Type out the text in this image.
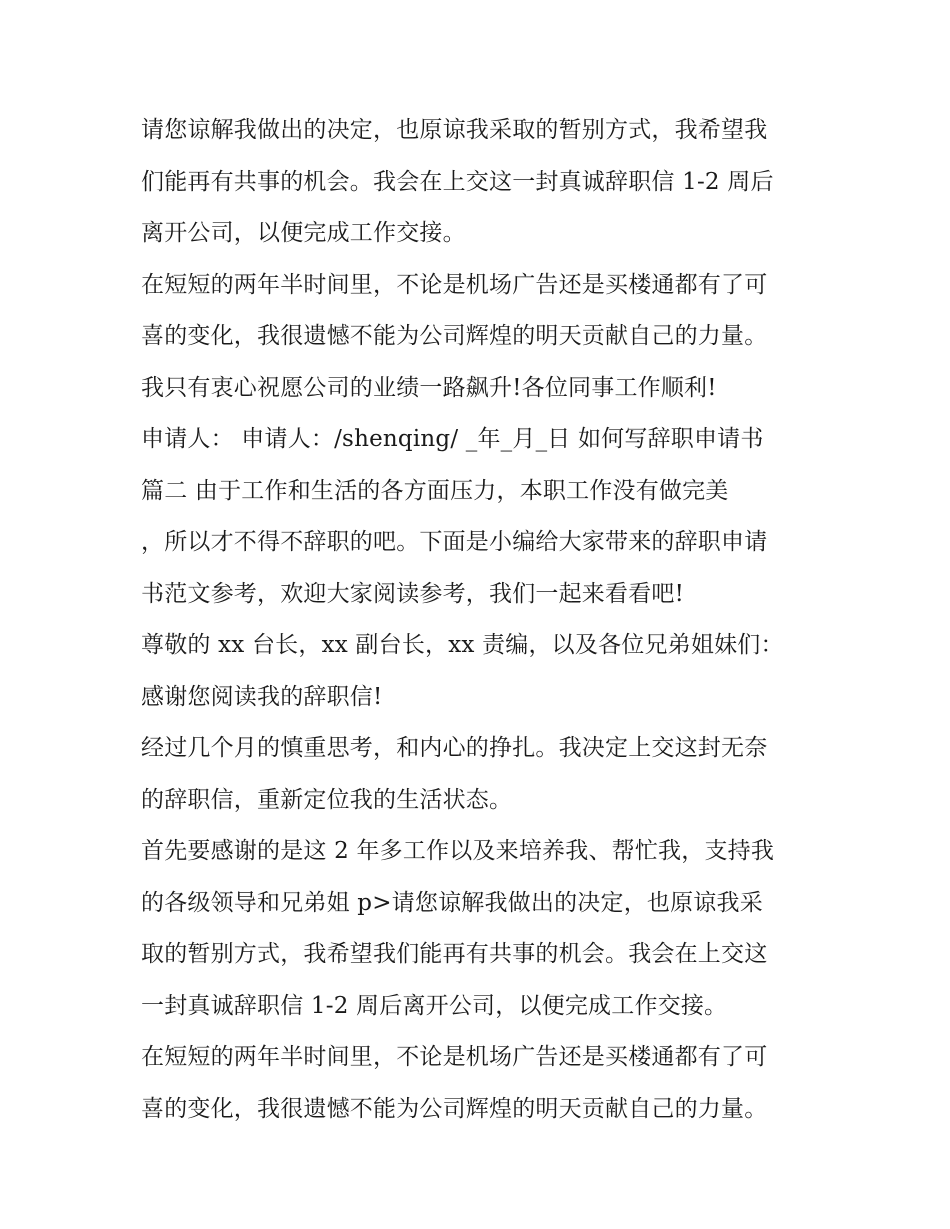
请您谅解我做出的决定，也原谅我采取的暂别方式，我希望我
们能再有共事的机会。我会在上交这一封真诚辞职信 1-2 周后
离开公司，以便完成工作交接。
在短短的两年半时间里，不论是机场广告还是买楼通都有了可
喜的变化，我很遗憾不能为公司辉煌的明天贡献自己的力量。
我只有衷心祝愿公司的业绩一路飙升!各位同事工作顺利!
申请人： 申请人：/shenqing/ _年_月_日 如何写辞职申请书
篇二 由于工作和生活的各方面压力，本职工作没有做完美
，所以才不得不辞职的吧。下面是小编给大家带来的辞职申请
书范文参考，欢迎大家阅读参考，我们一起来看看吧!
尊敬的 xx 台长，xx 副台长，xx 责编，以及各位兄弟姐妹们：
感谢您阅读我的辞职信!
经过几个月的慎重思考，和内心的挣扎。我决定上交这封无奈
的辞职信，重新定位我的生活状态。
首先要感谢的是这 2 年多工作以及来培养我、帮忙我，支持我
的各级领导和兄弟姐 p>请您谅解我做出的决定，也原谅我采
取的暂别方式，我希望我们能再有共事的机会。我会在上交这
一封真诚辞职信 1-2 周后离开公司，以便完成工作交接。
在短短的两年半时间里，不论是机场广告还是买楼通都有了可
喜的变化，我很遗憾不能为公司辉煌的明天贡献自己的力量。
